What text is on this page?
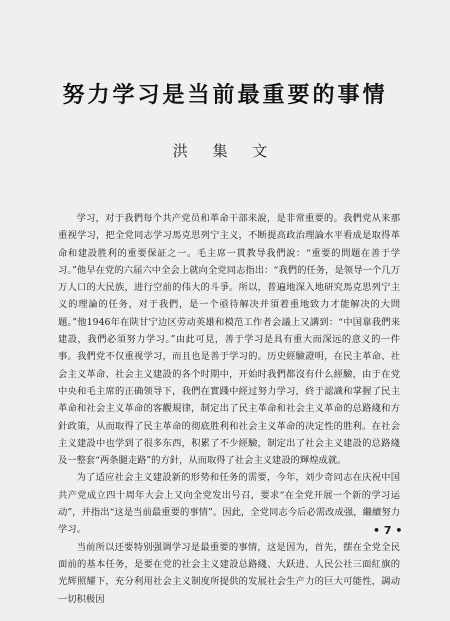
努力学习是当前最重要的事情
洪 集 文

学习，对于我們每个共产党员和革命干部来說，是非常重要的。我們党从来那重视学习，把全党同志学习馬克思列宁主义，不断提高政治理論水平看成是取得革命和建設胜利的重要保証之一。毛主席一貫教导我們說：“重要的問題在善于学习。”他早在党的六届六中全会上就向全党同志指出：“我們的任务，是领导一个几万万人口的大民族，进行空前的伟大的斗爭。所以，普遍地深入地研究馬克思列宁主义的理論的任务，对于我們，是一个亟待解决并須着重地致力才能解决的大問題。”他1946年在陕甘宁边区劳动英雄和模范工作者会議上又講到：“中国靠我們来建設，我們必須努力学习。”由此可見，善于学习是具有重大而深远的意义的一件事。我們党不仅重视学习，而且也是善于学习的。历史經驗證明，在民主革命、社会主义革命、社会主义建設的各个时期中，开始时我們都沒有什么經驗，由于在党中央和毛主席的正确领导下，我們在實踐中經过努力学习，終于認識和掌握了民主革命和社会主义革命的客觀規律，制定出了民主革命和社会主义革命的总路綫和方針政策，从而取得了民主革命的彻底胜利和社会主义革命的决定性的胜利。在社会主义建設中也学到了很多东西，积累了不少經驗，制定出了社会主义建設的总路綫及一整套“两条腿走路”的方針，从而取得了社会主义建設的輝煌成就。

为了适应社会主义建設新的形势和任务的需要，今年，刘少奇同志在庆祝中国共产党成立四十周年大会上又向全党发出号召，要求“在全党开展一个新的学习运动”，并指出“这是当前最重要的事情”。因此，全党同志今后必需改成强，繼續努力学习。

当前所以还要特别强调学习是最重要的事情，这是因为，首先，摆在全党全民面前的基本任务，是要在党的社会主义建設总路綫、大跃进、人民公社三面紅旗的光辉照耀下，充分利用社会主义制度所提供的发展社会生产力的巨大可能性，調动一切积极因

• 7 •
